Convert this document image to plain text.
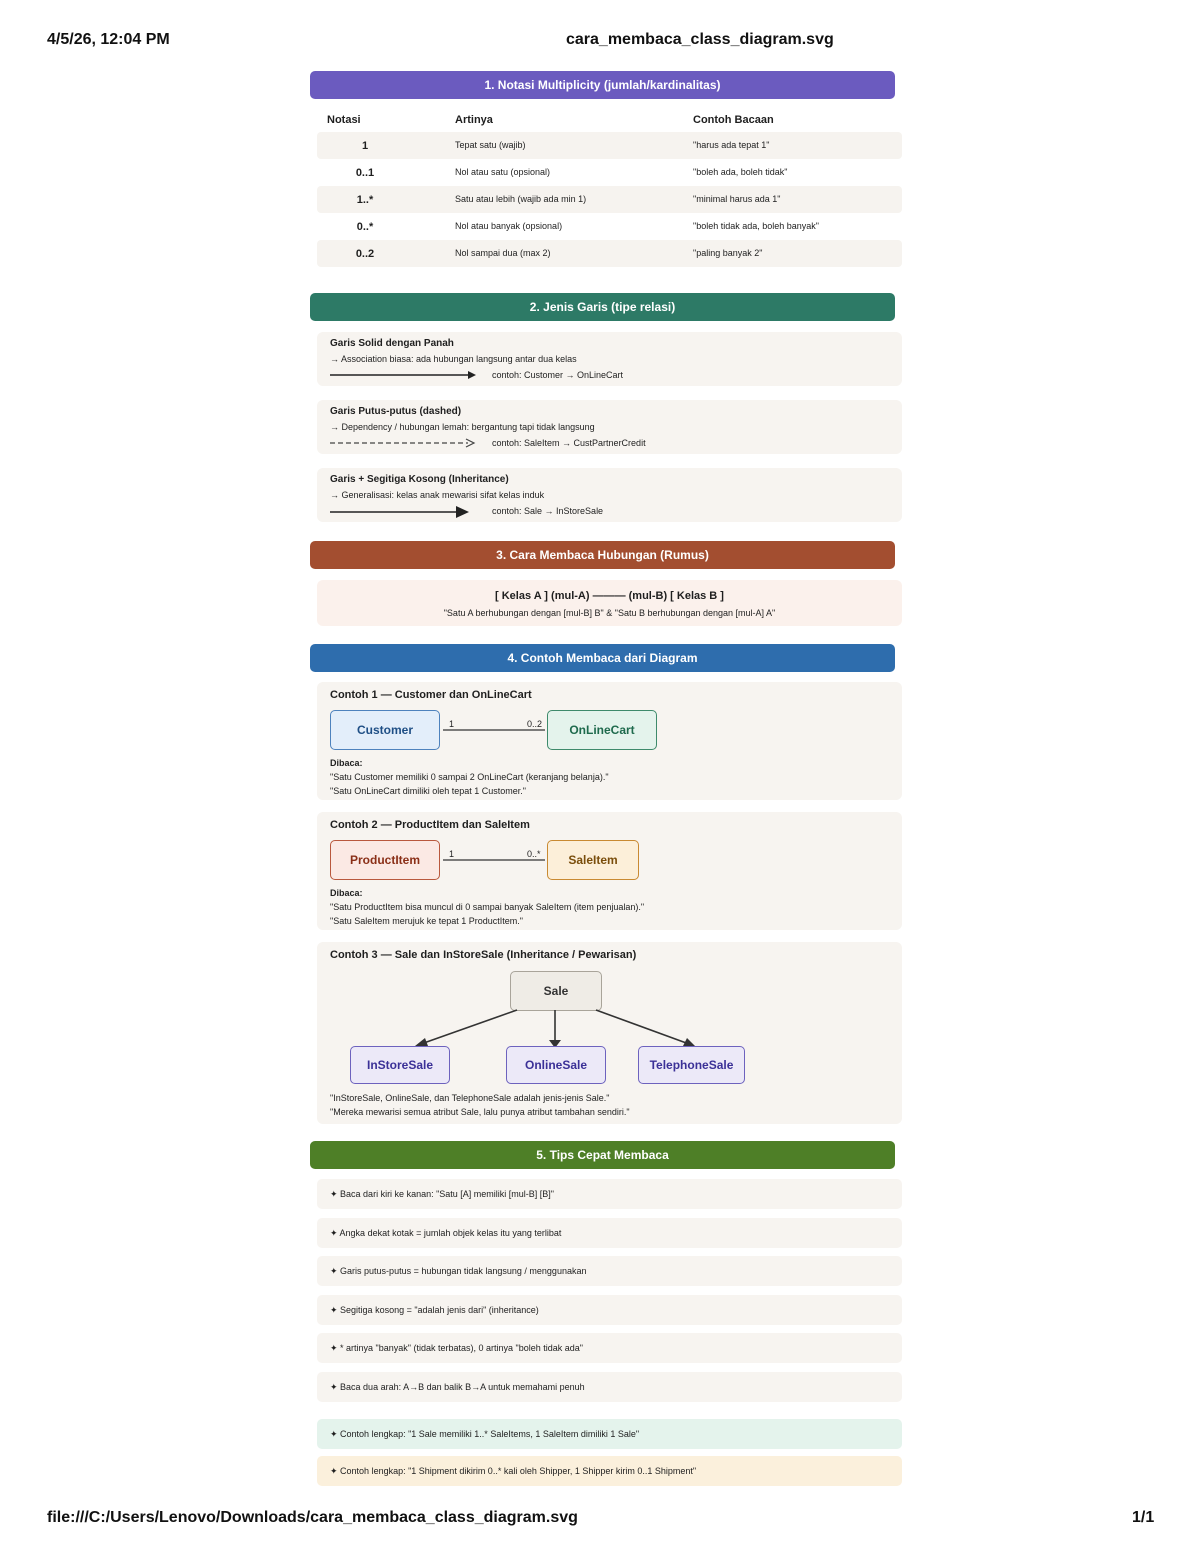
4/5/26, 12:04 PM	cara_membaca_class_diagram.svg
1. Notasi Multiplicity (jumlah/kardinalitas)
Notasi	Artinya	Contoh Bacaan
1	Tepat satu (wajib)	"harus ada tepat 1"
0..1	Nol atau satu (opsional)	"boleh ada, boleh tidak"
1..*	Satu atau lebih (wajib ada min 1)	"minimal harus ada 1"
0..*	Nol atau banyak (opsional)	"boleh tidak ada, boleh banyak"
0..2	Nol sampai dua (max 2)	"paling banyak 2"
2. Jenis Garis (tipe relasi)
Garis Solid dengan Panah
→ Association biasa: ada hubungan langsung antar dua kelas
contoh: Customer → OnLineCart
Garis Putus-putus (dashed)
→ Dependency / hubungan lemah: bergantung tapi tidak langsung
contoh: SaleItem → CustPartnerCredit
Garis + Segitiga Kosong (Inheritance)
→ Generalisasi: kelas anak mewarisi sifat kelas induk
contoh: Sale → InStoreSale
3. Cara Membaca Hubungan (Rumus)
[ Kelas A ] (mul-A) ——— (mul-B) [ Kelas B ]
"Satu A berhubungan dengan [mul-B] B" & "Satu B berhubungan dengan [mul-A] A"
4. Contoh Membaca dari Diagram
Contoh 1 — Customer dan OnLineCart
Customer	OnLineCart
1	0..2
Dibaca:
"Satu Customer memiliki 0 sampai 2 OnLineCart (keranjang belanja)."
"Satu OnLineCart dimiliki oleh tepat 1 Customer."
Contoh 2 — ProductItem dan SaleItem
ProductItem	SaleItem
1	0..*
Dibaca:
"Satu ProductItem bisa muncul di 0 sampai banyak SaleItem (item penjualan)."
"Satu SaleItem merujuk ke tepat 1 ProductItem."
Contoh 3 — Sale dan InStoreSale (Inheritance / Pewarisan)
Sale
InStoreSale	OnlineSale	TelephoneSale
"InStoreSale, OnlineSale, dan TelephoneSale adalah jenis-jenis Sale."
"Mereka mewarisi semua atribut Sale, lalu punya atribut tambahan sendiri."
5. Tips Cepat Membaca
✦ Baca dari kiri ke kanan: "Satu [A] memiliki [mul-B] [B]"
✦ Angka dekat kotak = jumlah objek kelas itu yang terlibat
✦ Garis putus-putus = hubungan tidak langsung / menggunakan
✦ Segitiga kosong = "adalah jenis dari" (inheritance)
✦ * artinya "banyak" (tidak terbatas), 0 artinya "boleh tidak ada"
✦ Baca dua arah: A→B dan balik B→A untuk memahami penuh
✦ Contoh lengkap: "1 Sale memiliki 1..* SaleItems, 1 SaleItem dimiliki 1 Sale"
✦ Contoh lengkap: "1 Shipment dikirim 0..* kali oleh Shipper, 1 Shipper kirim 0..1 Shipment"
file:///C:/Users/Lenovo/Downloads/cara_membaca_class_diagram.svg	1/1
